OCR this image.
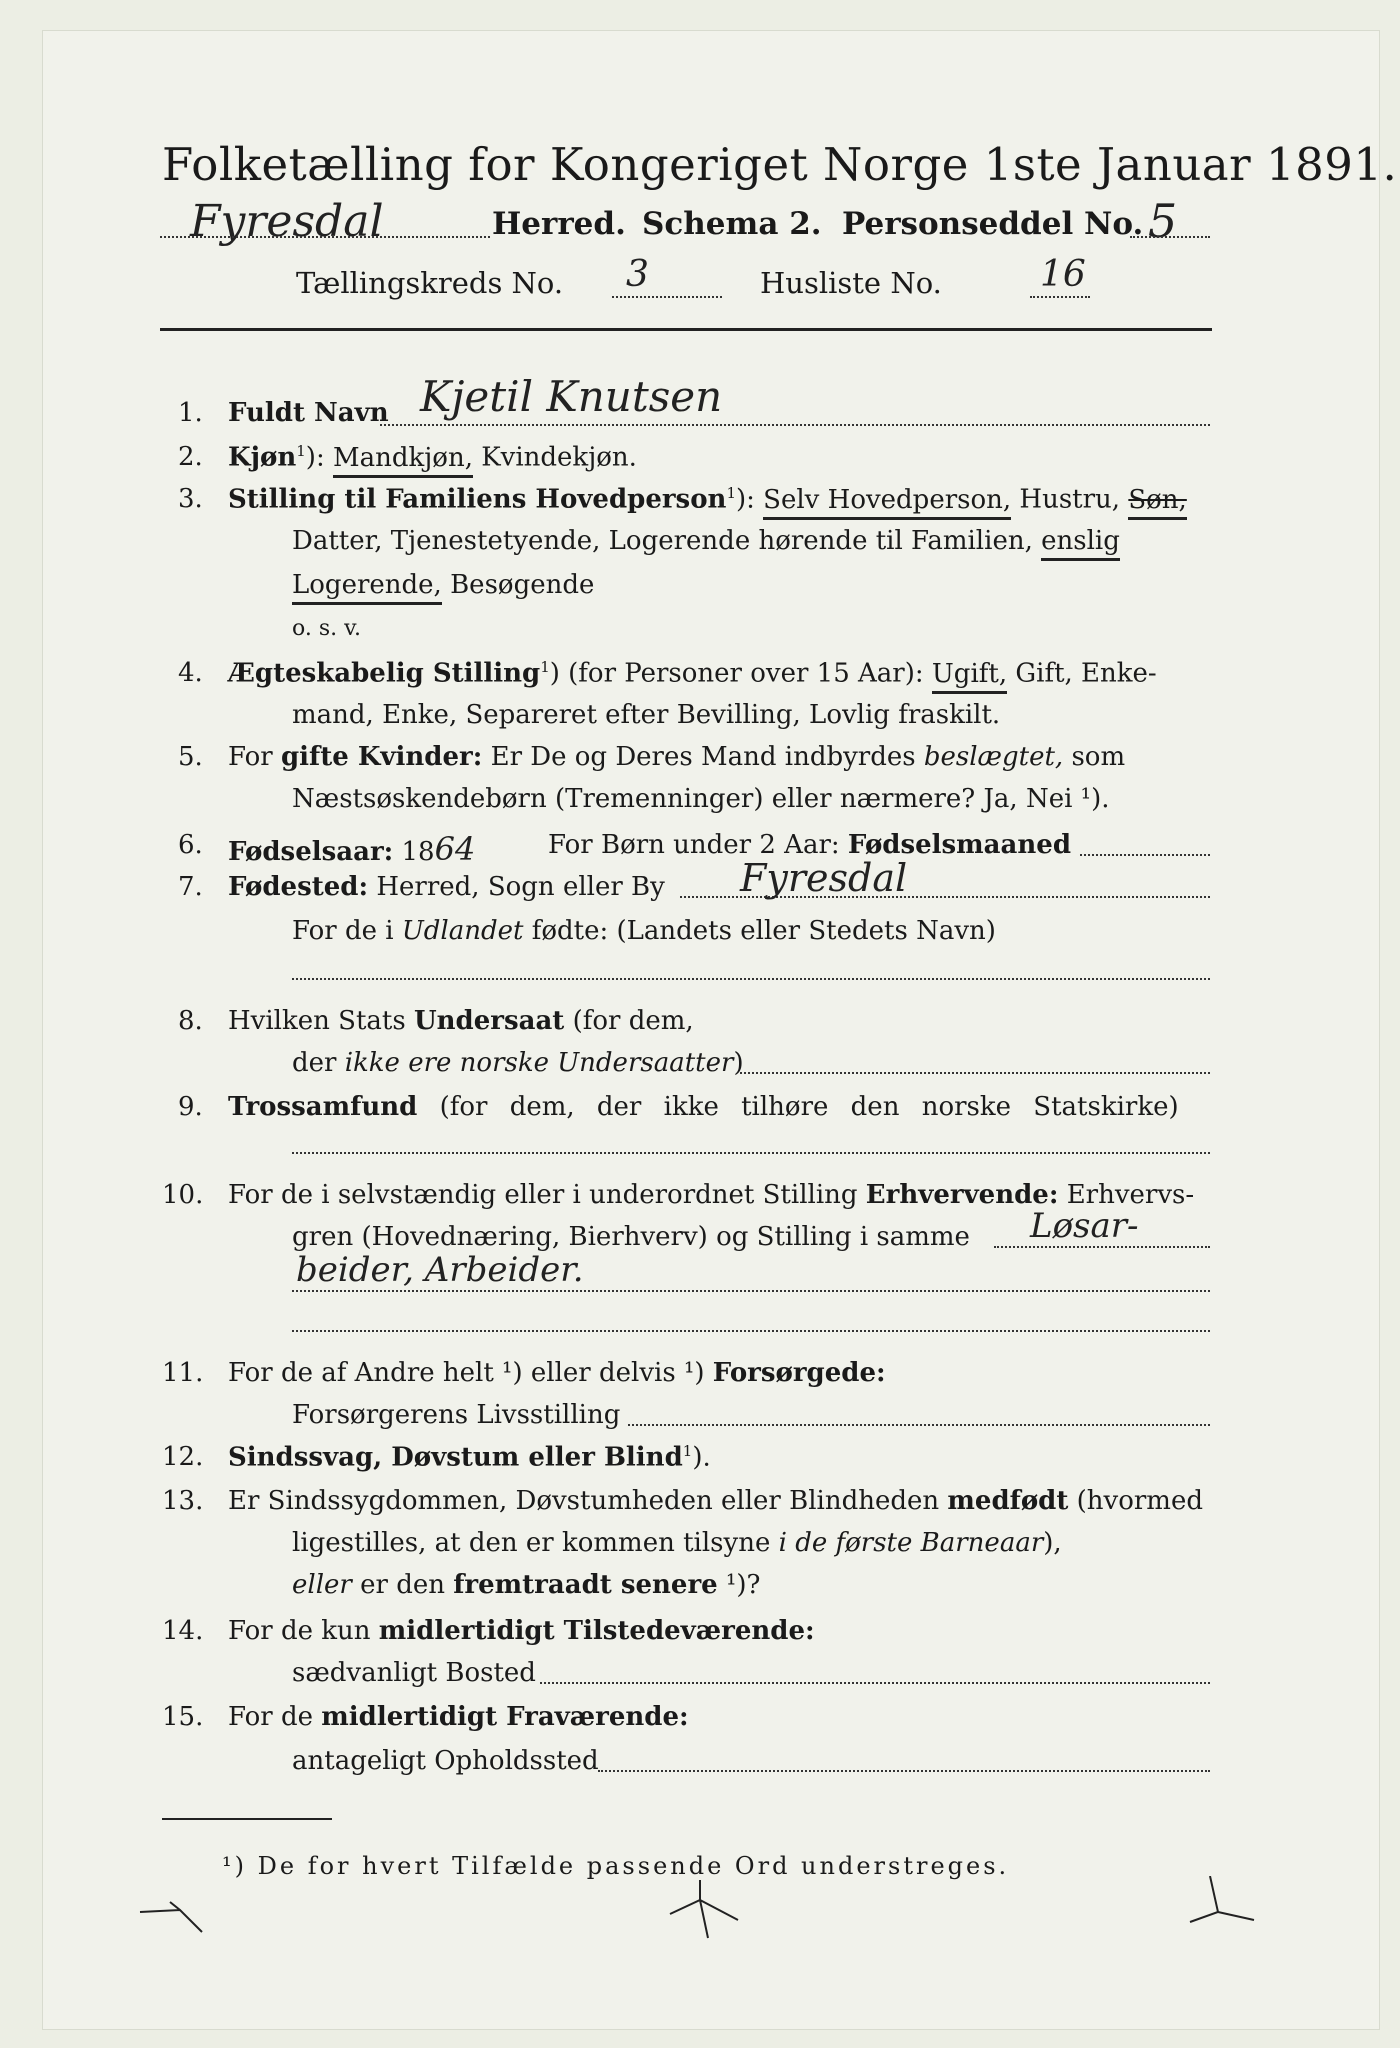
Folketælling for Kongeriget Norge 1ste Januar 1891.
Fyresdal	Herred. Schema 2. Personseddel No. 5
Tællingskreds No. 3	Husliste No.	16
1. Fuldt Navn Kjetil Knutsen
2. Kjøn$^1$): Mandkjøn, Kvindekjøn.
3. Stilling til Familiens Hovedperson$^1$): Selv Hovedperson, Hustru, Søn,
Datter, Tjenestetyende, Logerende hørende til Familien, enslig
Logerende, Besøgende
o. s. v.
4. Ægteskabelig Stilling$^1$) (for Personer over 15 Aar): Ugift, Gift, Enke-
mand, Enke, Separeret efter Bevilling, Lovlig fraskilt.
5. For gifte Kvinder: Er De og Deres Mand indbyrdes beslægtet, som
Næstsøskendebørn (Tremenninger) eller nærmere? Ja, Nei ¹).
6. Fødselsaar: 1864	For Børn under 2 Aar: Fødselsmaaned
7. Fødested: Herred, Sogn eller By Fyresdal
For de i Udlandet fødte: (Landets eller Stedets Navn)
8. Hvilken Stats Undersaat (for dem,
der ikke ere norske Undersaatter)
9. Trossamfund (for dem, der ikke tilhøre den norske Statskirke)
10. For de i selvstændig eller i underordnet Stilling Erhvervende: Erhvervs-
gren (Hovednæring, Bierhverv) og Stilling i samme Løsar-
beider, Arbeider.
11. For de af Andre helt ¹) eller delvis ¹) Forsørgede:
Forsørgerens Livsstilling
12. Sindssvag, Døvstum eller Blind$^1$).
13. Er Sindssygdommen, Døvstumheden eller Blindheden medfødt (hvormed
ligestilles, at den er kommen tilsyne i de første Barneaar),
eller er den fremtraadt senere ¹)?
14. For de kun midlertidigt Tilstedeværende:
sædvanligt Bosted
15. For de midlertidigt Fraværende:
antageligt Opholdssted
¹) De for hvert Tilfælde passende Ord understreges.
